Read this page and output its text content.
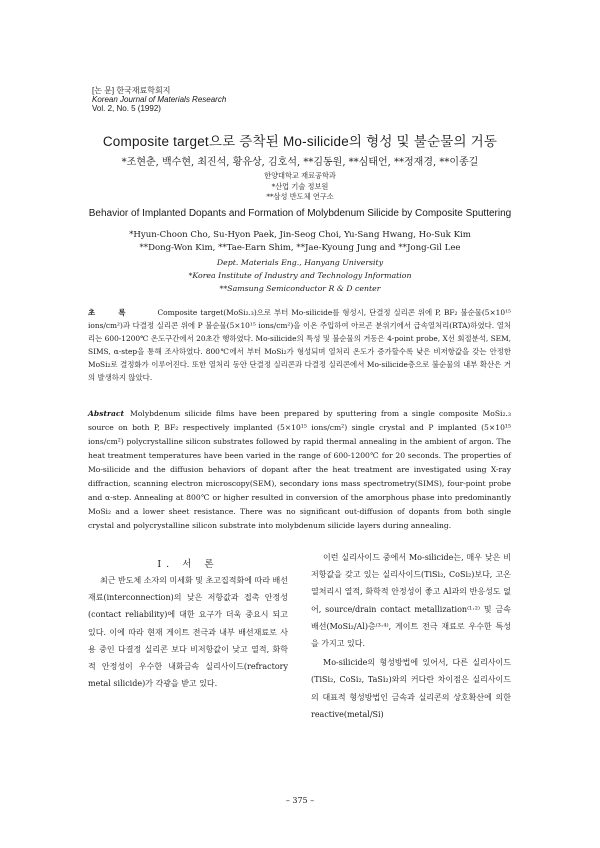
[논 문] 한국재료학회지
Korean Journal of Materials Research
Vol. 2, No. 5 (1992)
Composite target으로 증착된 Mo-silicide의 형성 및 불순물의 거동
*조현춘, 백수현, 최진석, 황유상, 김호석, **김동원, **심태언, **정재경, **이종길
한양대학교 재료공학과
*산업 기술 정보원
**삼성 반도체 연구소
Behavior of Implanted Dopants and Formation of Molybdenum Silicide by Composite Sputtering
*Hyun-Choon Cho, Su-Hyon Paek, Jin-Seog Choi, Yu-Sang Hwang, Ho-Suk Kim
**Dong-Won Kim, **Tae-Earn Shim, **Jae-Kyoung Jung and **Jong-Gil Lee
Dept. Materials Eng., Hanyang University
*Korea Institute of Industry and Technology Information
**Samsung Semiconductor R & D center
초 록	Composite target(MoSi₂.₃)으로 부터 Mo-silicide를 형성시, 단결정 실리콘 위에 P, BF₂ 불순물(5×10¹⁵ ions/cm²)과 다결정 실리콘 위에 P 불순물(5×10¹⁵ ions/cm²)을 이온 주입하여 아르곤 분위기에서 급속열처리(RTA)하였다. 열처리는 600-1200℃ 온도구간에서 20초간 행하였다. Mo-silicide의 특성 및 불순물의 거동은 4-point probe, X선 회절분석, SEM, SIMS, α-step을 통해 조사하였다. 800℃에서 부터 MoSi₂가 형성되며 열처리 온도가 증가할수록 낮은 비저항값을 갖는 안정한 MoSi₂로 결정화가 이루어진다. 또한 열처리 동안 단결정 실리콘과 다결정 실리콘에서 Mo-silicide층으로 불순물의 내부 확산은 거의 발생하지 않았다.
Abstract Molybdenum silicide films have been prepared by sputtering from a single composite MoSi₂.₃ source on both P, BF₂ respectively implanted (5×10¹⁵ ions/cm²) single crystal and P implanted (5×10¹⁵ ions/cm²) polycrystalline silicon substrates followed by rapid thermal annealing in the ambient of argon. The heat treatment temperatures have been varied in the range of 600-1200℃ for 20 seconds. The properties of Mo-silicide and the diffusion behaviors of dopant after the heat treatment are investigated using X-ray diffraction, scanning electron microscopy(SEM), secondary ions mass spectrometry(SIMS), four-point probe and α-step. Annealing at 800℃ or higher resulted in conversion of the amorphous phase into predominantly MoSi₂ and a lower sheet resistance. There was no significant out-diffusion of dopants from both single crystal and polycrystalline silicon substrate into molybdenum silicide layers during annealing.
I. 서 론

최근 반도체 소자의 미세화 및 초고집적화에 따라 배선재료(interconnection)의 낮은 저항값과 접촉 안정성(contact reliability)에 대한 요구가 더욱 중요시 되고 있다. 이에 따라 현재 게이트 전극과 내부 배선재료로 사용 중인 다결정 실리콘 보다 비저항값이 낮고 열적, 화학적 안정성이 우수한 내화금속 실리사이드(refractory metal silicide)가 각광을 받고 있다.

이런 실리사이드 중에서 Mo-silicide는, 매우 낮은 비저항값을 갖고 있는 실리사이드(TiSi₂, CoSi₂)보다, 고온 열처리시 열적, 화학적 안정성이 좋고 Al과의 반응성도 없어, source/drain contact metallization⁽¹·²⁾ 및 금속 배선(MoSi₂/Al)층⁽³·⁴⁾, 게이트 전극 재료로 우수한 특성을 가지고 있다.

Mo-silicide의 형성방법에 있어서, 다른 실리사이드(TiSi₂, CoSi₂, TaSi₂)와의 커다란 차이점은 실리사이드의 대표적 형성방법인 금속과 실리콘의 상호확산에 의한 reactive(metal/Si)

– 375 –
